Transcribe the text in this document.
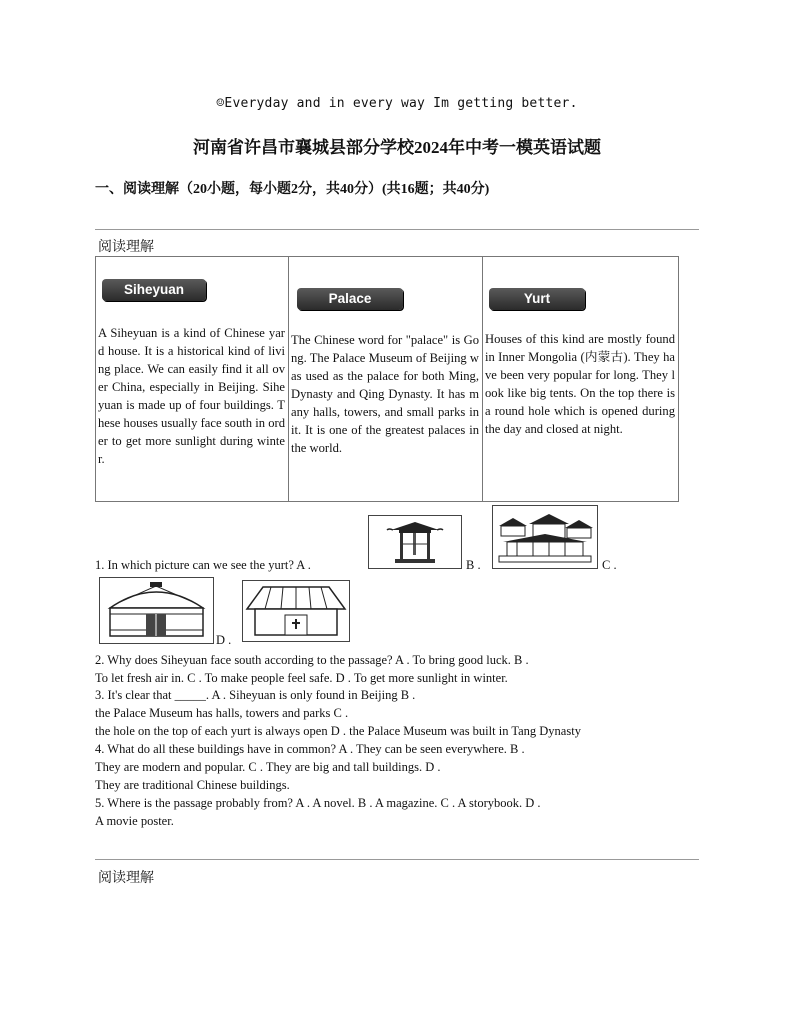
☺Everyday and in every way Im getting better.
河南省许昌市襄城县部分学校2024年中考一模英语试题
一、阅读理解（20小题，每小题2分，共40分）(共16题；共40分)
阅读理解
Siheyuan
A Siheyuan is a kind of Chinese yard house. It is a historical kind of living place. We can easily find it all over China, especially in Beijing. Siheyuan is made up of four buildings. These houses usually face south in order to get more sunlight during winter.

Palace
The Chinese word for "palace" is Gong. The Palace Museum of Beijing was used as the palace for both Ming, Dynasty and Qing Dynasty. It has many halls, towers, and small parks in it. It is one of the greatest palaces in the world.

Yurt
Houses of this kind are mostly found in Inner Mongolia (内蒙古). They have been very popular for long. They look like big tents. On the top there is a round hole which is opened during the day and closed at night.
1. In which picture can we see the yurt? A .	B .	C .
D .
2. Why does Siheyuan face south according to the passage? A . To bring good luck. B .
To let fresh air in. C . To make people feel safe. D . To get more sunlight in winter.
3. It's clear that _____. A . Siheyuan is only found in Beijing B .
the Palace Museum has halls, towers and parks C .
the hole on the top of each yurt is always open D . the Palace Museum was built in Tang Dynasty
4. What do all these buildings have in common? A . They can be seen everywhere. B .
They are modern and popular. C . They are big and tall buildings. D .
They are traditional Chinese buildings.
5. Where is the passage probably from? A . A novel. B . A magazine. C . A storybook. D .
A movie poster.
阅读理解
